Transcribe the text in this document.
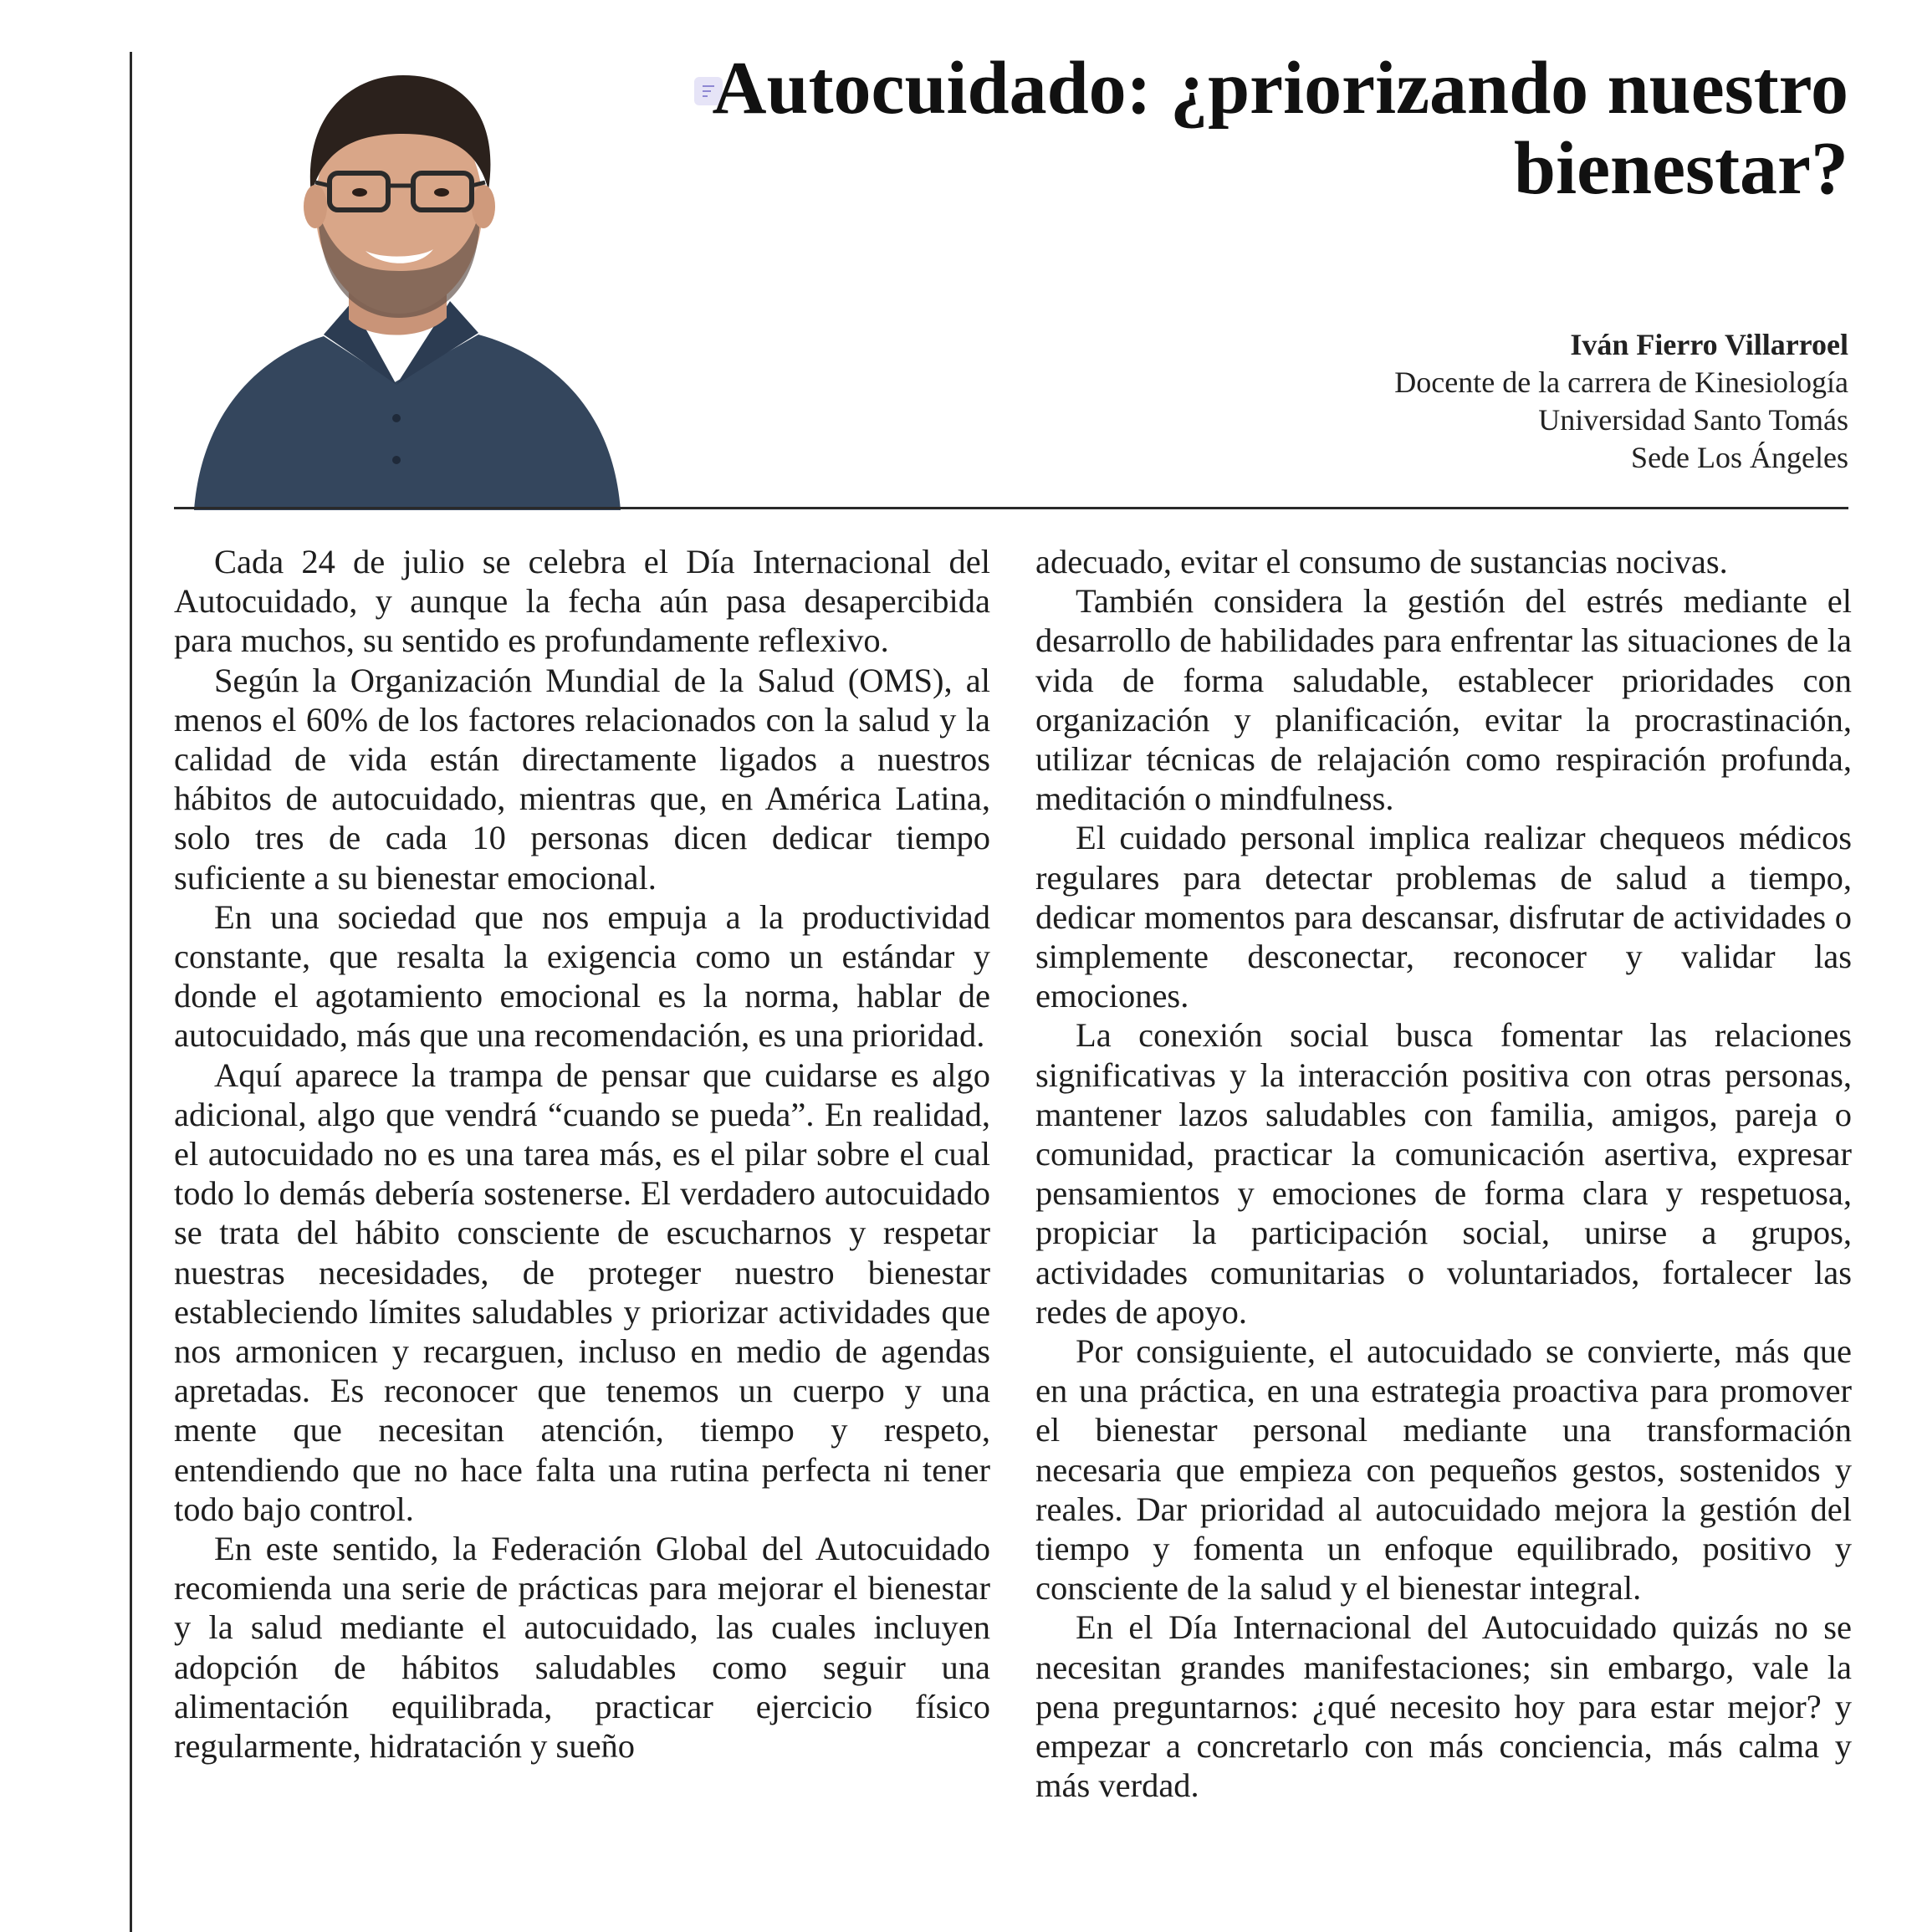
Autocuidado: ¿priorizando nuestro bienestar?
Iván Fierro Villarroel
Docente de la carrera de Kinesiología
Universidad Santo Tomás
Sede Los Ángeles

Cada 24 de julio se celebra el Día Internacional del Autocuidado, y aunque la fecha aún pasa desapercibida para muchos, su sentido es profundamente reflexivo.

Según la Organización Mundial de la Salud (OMS), al menos el 60% de los factores relacionados con la salud y la calidad de vida están directamente ligados a nuestros hábitos de autocuidado, mientras que, en América Latina, solo tres de cada 10 personas dicen dedicar tiempo suficiente a su bienestar emocional.

En una sociedad que nos empuja a la productividad constante, que resalta la exigencia como un estándar y donde el agotamiento emocional es la norma, hablar de autocuidado, más que una recomendación, es una prioridad.

Aquí aparece la trampa de pensar que cuidarse es algo adicional, algo que vendrá “cuando se pueda”. En realidad, el autocuidado no es una tarea más, es el pilar sobre el cual todo lo demás debería sostenerse. El verdadero autocuidado se trata del hábito consciente de escucharnos y respetar nuestras necesidades, de proteger nuestro bienestar estableciendo límites saludables y priorizar actividades que nos armonicen y recarguen, incluso en medio de agendas apretadas. Es reconocer que tenemos un cuerpo y una mente que necesitan atención, tiempo y respeto, entendiendo que no hace falta una rutina perfecta ni tener todo bajo control.

En este sentido, la Federación Global del Autocuidado recomienda una serie de prácticas para mejorar el bienestar y la salud mediante el autocuidado, las cuales incluyen adopción de hábitos saludables como seguir una alimentación equilibrada, practicar ejercicio físico regularmente, hidratación y sueño

adecuado, evitar el consumo de sustancias nocivas.

También considera la gestión del estrés mediante el desarrollo de habilidades para enfrentar las situaciones de la vida de forma saludable, establecer prioridades con organización y planificación, evitar la procrastinación, utilizar técnicas de relajación como respiración profunda, meditación o mindfulness.

El cuidado personal implica realizar chequeos médicos regulares para detectar problemas de salud a tiempo, dedicar momentos para descansar, disfrutar de actividades o simplemente desconectar, reconocer y validar las emociones.

La conexión social busca fomentar las relaciones significativas y la interacción positiva con otras personas, mantener lazos saludables con familia, amigos, pareja o comunidad, practicar la comunicación asertiva, expresar pensamientos y emociones de forma clara y respetuosa, propiciar la participación social, unirse a grupos, actividades comunitarias o voluntariados, fortalecer las redes de apoyo.

Por consiguiente, el autocuidado se convierte, más que en una práctica, en una estrategia proactiva para promover el bienestar personal mediante una transformación necesaria que empieza con pequeños gestos, sostenidos y reales. Dar prioridad al autocuidado mejora la gestión del tiempo y fomenta un enfoque equilibrado, positivo y consciente de la salud y el bienestar integral.

En el Día Internacional del Autocuidado quizás no se necesitan grandes manifestaciones; sin embargo, vale la pena preguntarnos: ¿qué necesito hoy para estar mejor? y empezar a concretarlo con más conciencia, más calma y más verdad.
